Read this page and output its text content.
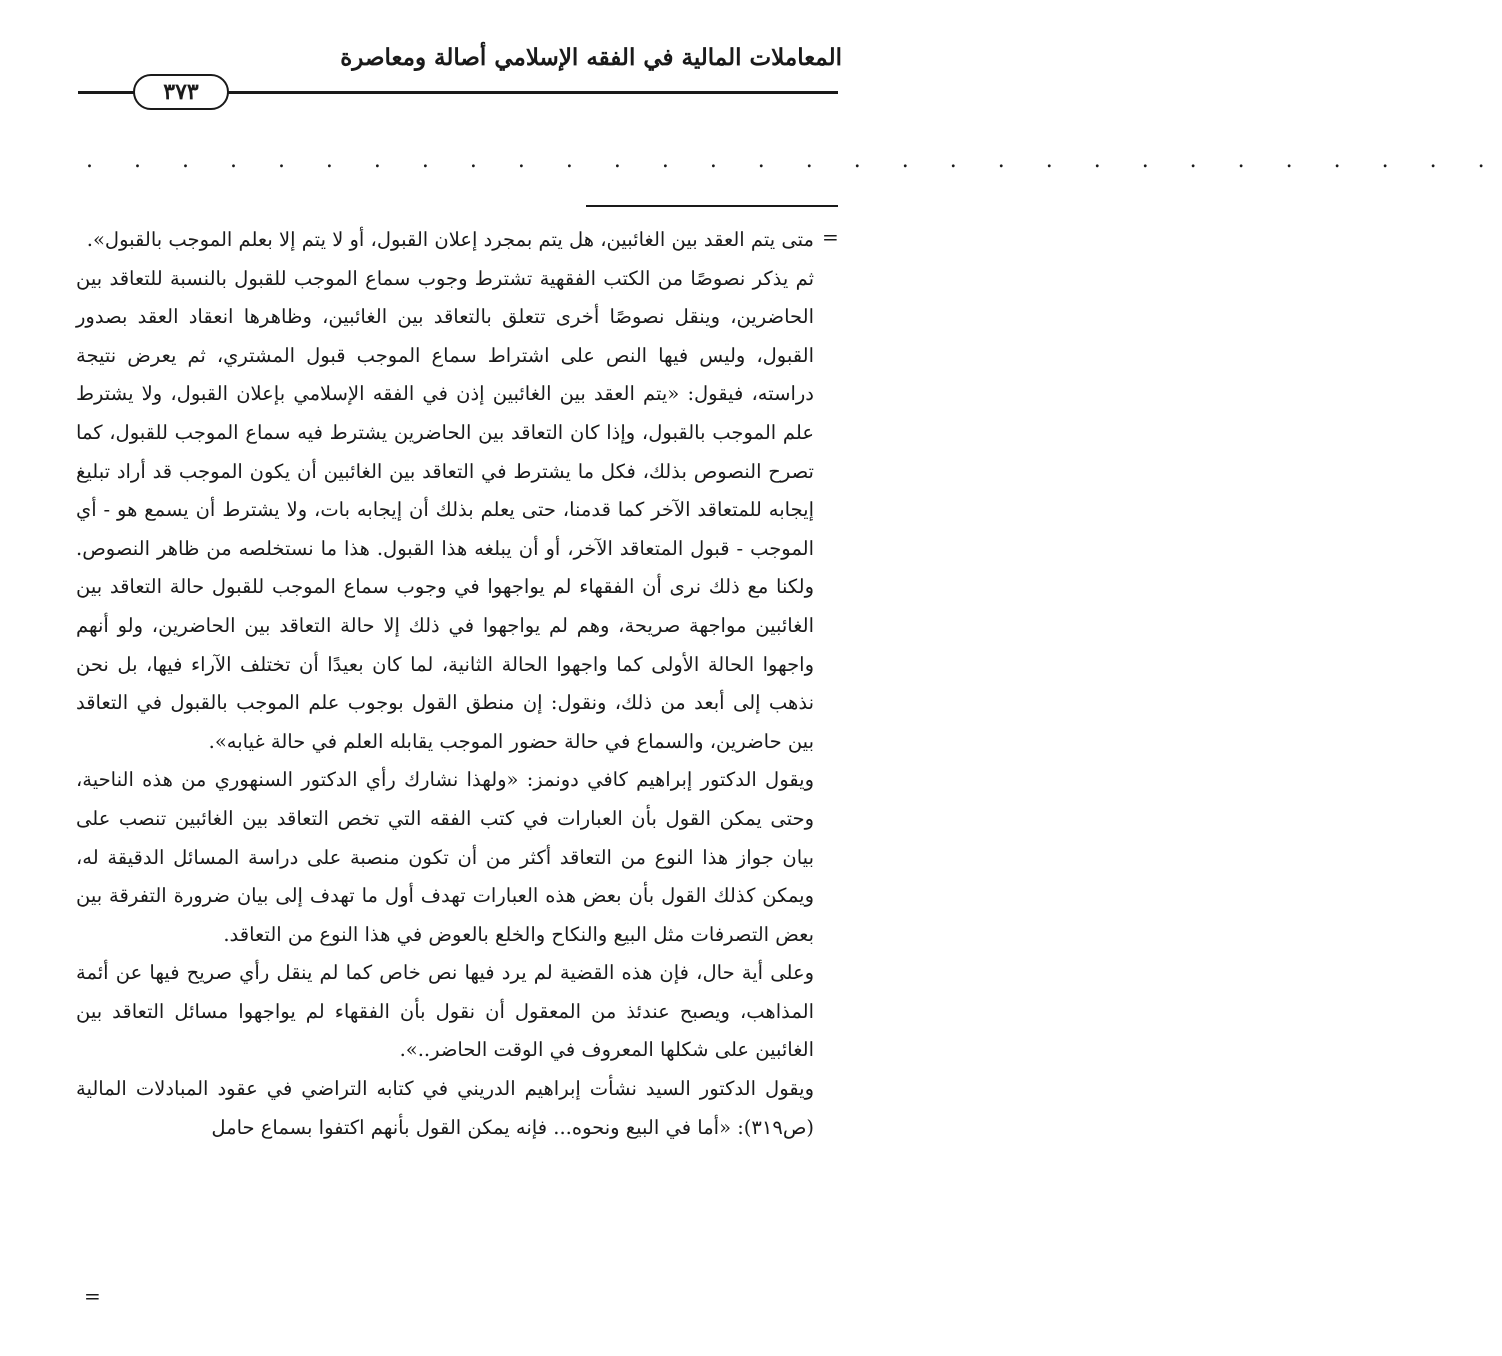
المعاملات المالية في الفقه الإسلامي أصالة ومعاصرة
٣٧٣
. . . . . . . . . . . . . . . . . . . . . . . . . . . . . .
=

متى يتم العقد بين الغائبين، هل يتم بمجرد إعلان القبول، أو لا يتم إلا بعلم الموجب بالقبول».

ثم يذكر نصوصًا من الكتب الفقهية تشترط وجوب سماع الموجب للقبول بالنسبة للتعاقد بين الحاضرين، وينقل نصوصًا أخرى تتعلق بالتعاقد بين الغائبين، وظاهرها انعقاد العقد بصدور القبول، وليس فيها النص على اشتراط سماع الموجب قبول المشتري، ثم يعرض نتيجة دراسته، فيقول: «يتم العقد بين الغائبين إذن في الفقه الإسلامي بإعلان القبول، ولا يشترط علم الموجب بالقبول، وإذا كان التعاقد بين الحاضرين يشترط فيه سماع الموجب للقبول، كما تصرح النصوص بذلك، فكل ما يشترط في التعاقد بين الغائبين أن يكون الموجب قد أراد تبليغ إيجابه للمتعاقد الآخر كما قدمنا، حتى يعلم بذلك أن إيجابه بات، ولا يشترط أن يسمع هو - أي الموجب - قبول المتعاقد الآخر، أو أن يبلغه هذا القبول. هذا ما نستخلصه من ظاهر النصوص. ولكنا مع ذلك نرى أن الفقهاء لم يواجهوا في وجوب سماع الموجب للقبول حالة التعاقد بين الغائبين مواجهة صريحة، وهم لم يواجهوا في ذلك إلا حالة التعاقد بين الحاضرين، ولو أنهم واجهوا الحالة الأولى كما واجهوا الحالة الثانية، لما كان بعيدًا أن تختلف الآراء فيها، بل نحن نذهب إلى أبعد من ذلك، ونقول: إن منطق القول بوجوب علم الموجب بالقبول في التعاقد بين حاضرين، والسماع في حالة حضور الموجب يقابله العلم في حالة غيابه».

ويقول الدكتور إبراهيم كافي دونمز: «ولهذا نشارك رأي الدكتور السنهوري من هذه الناحية، وحتى يمكن القول بأن العبارات في كتب الفقه التي تخص التعاقد بين الغائبين تنصب على بيان جواز هذا النوع من التعاقد أكثر من أن تكون منصبة على دراسة المسائل الدقيقة له، ويمكن كذلك القول بأن بعض هذه العبارات تهدف أول ما تهدف إلى بيان ضرورة التفرقة بين بعض التصرفات مثل البيع والنكاح والخلع بالعوض في هذا النوع من التعاقد.

وعلى أية حال، فإن هذه القضية لم يرد فيها نص خاص كما لم ينقل رأي صريح فيها عن أئمة المذاهب، ويصبح عندئذ من المعقول أن نقول بأن الفقهاء لم يواجهوا مسائل التعاقد بين الغائبين على شكلها المعروف في الوقت الحاضر..».

ويقول الدكتور السيد نشأت إبراهيم الدريني في كتابه التراضي في عقود المبادلات المالية (ص٣١٩): «أما في البيع ونحوه... فإنه يمكن القول بأنهم اكتفوا بسماع حامل

=
